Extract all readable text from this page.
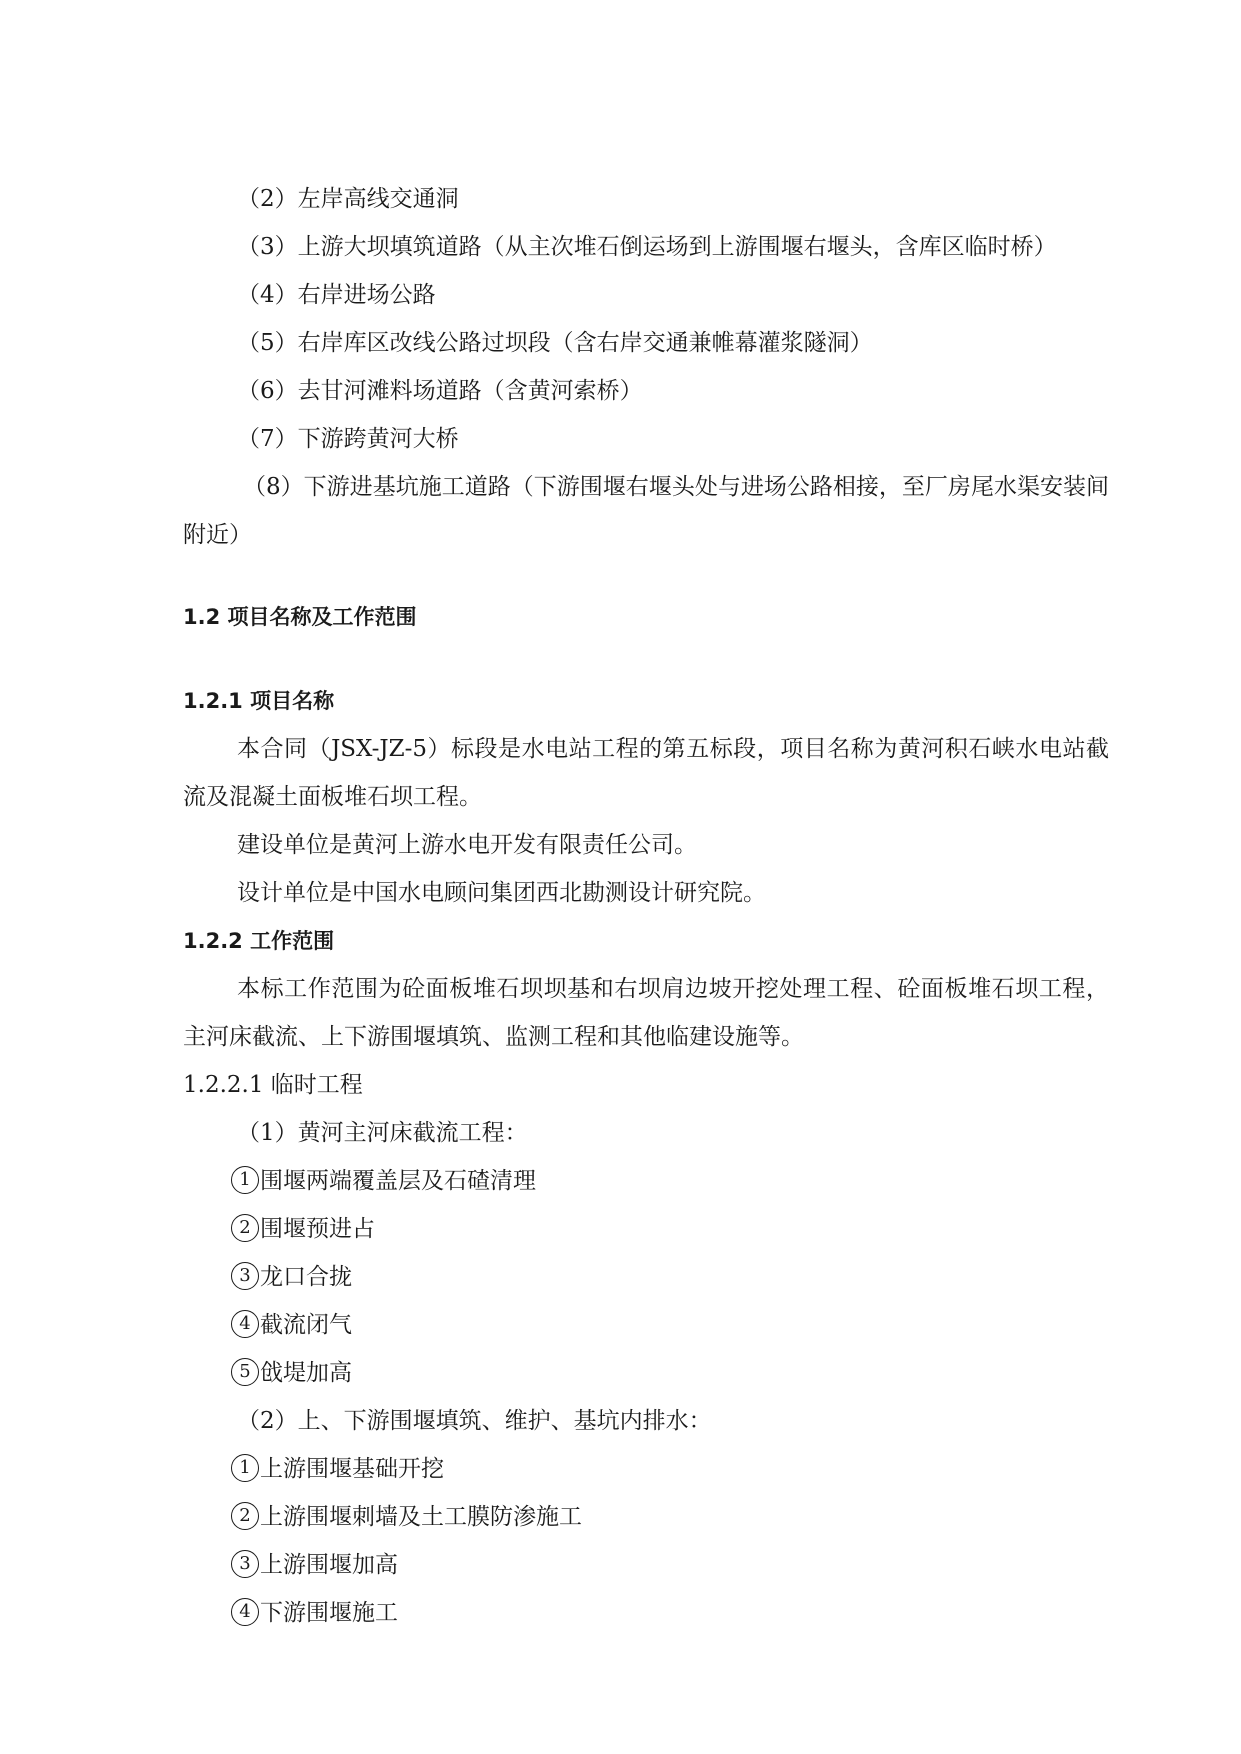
（2）左岸高线交通洞
（3）上游大坝填筑道路（从主次堆石倒运场到上游围堰右堰头，含库区临时桥）
（4）右岸进场公路
（5）右岸库区改线公路过坝段（含右岸交通兼帷幕灌浆隧洞）
（6）去甘河滩料场道路（含黄河索桥）
（7）下游跨黄河大桥
（8）下游进基坑施工道路（下游围堰右堰头处与进场公路相接，至厂房尾水渠安装间附近）
1.2 项目名称及工作范围
1.2.1 项目名称
本合同（JSX-JZ-5）标段是水电站工程的第五标段，项目名称为黄河积石峡水电站截流及混凝土面板堆石坝工程。
建设单位是黄河上游水电开发有限责任公司。
设计单位是中国水电顾问集团西北勘测设计研究院。
1.2.2 工作范围
本标工作范围为砼面板堆石坝坝基和右坝肩边坡开挖处理工程、砼面板堆石坝工程，主河床截流、上下游围堰填筑、监测工程和其他临建设施等。
1.2.2.1 临时工程
（1）黄河主河床截流工程：
1 围堰两端覆盖层及石碴清理
2 围堰预进占
3 龙口合拢
4 截流闭气
5 戗堤加高
（2）上、下游围堰填筑、维护、基坑内排水：
1 上游围堰基础开挖
2 上游围堰刺墙及土工膜防渗施工
3 上游围堰加高
4 下游围堰施工
